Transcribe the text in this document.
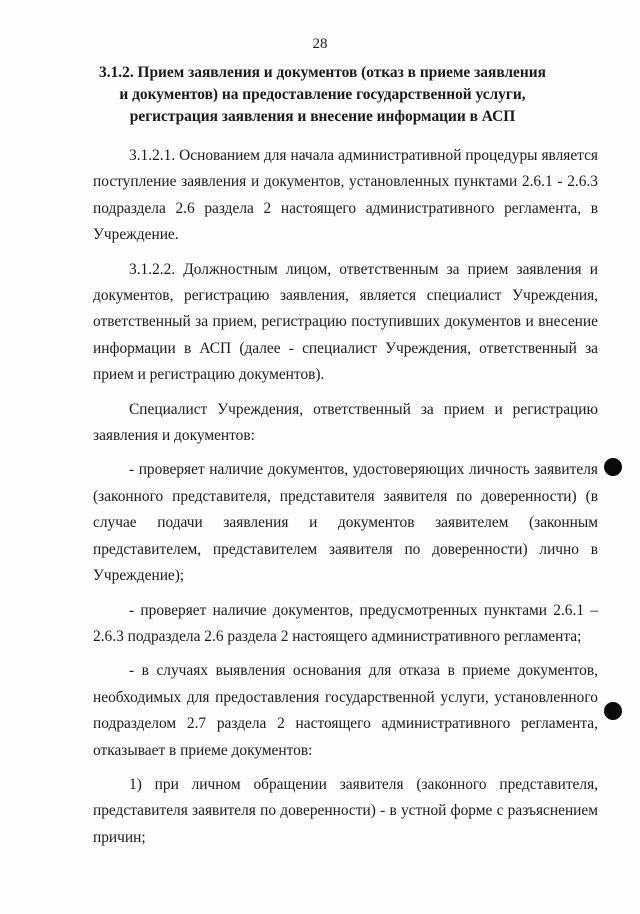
28
3.1.2. Прием заявления и документов (отказ в приеме заявления и документов) на предоставление государственной услуги, регистрация заявления и внесение информации в АСП

3.1.2.1. Основанием для начала административной процедуры является поступление заявления и документов, установленных пунктами 2.6.1 - 2.6.3 подраздела 2.6 раздела 2 настоящего административного регламента, в Учреждение.

3.1.2.2. Должностным лицом, ответственным за прием заявления и документов, регистрацию заявления, является специалист Учреждения, ответственный за прием, регистрацию поступивших документов и внесение информации в АСП (далее - специалист Учреждения, ответственный за прием и регистрацию документов).

Специалист Учреждения, ответственный за прием и регистрацию заявления и документов:

- проверяет наличие документов, удостоверяющих личность заявителя (законного представителя, представителя заявителя по доверенности) (в случае подачи заявления и документов заявителем (законным представителем, представителем заявителя по доверенности) лично в Учреждение);

- проверяет наличие документов, предусмотренных пунктами 2.6.1 – 2.6.3 подраздела 2.6 раздела 2 настоящего административного регламента;

- в случаях выявления основания для отказа в приеме документов, необходимых для предоставления государственной услуги, установленного подразделом 2.7 раздела 2 настоящего административного регламента, отказывает в приеме документов:

1) при личном обращении заявителя (законного представителя, представителя заявителя по доверенности) - в устной форме с разъяснением причин;
